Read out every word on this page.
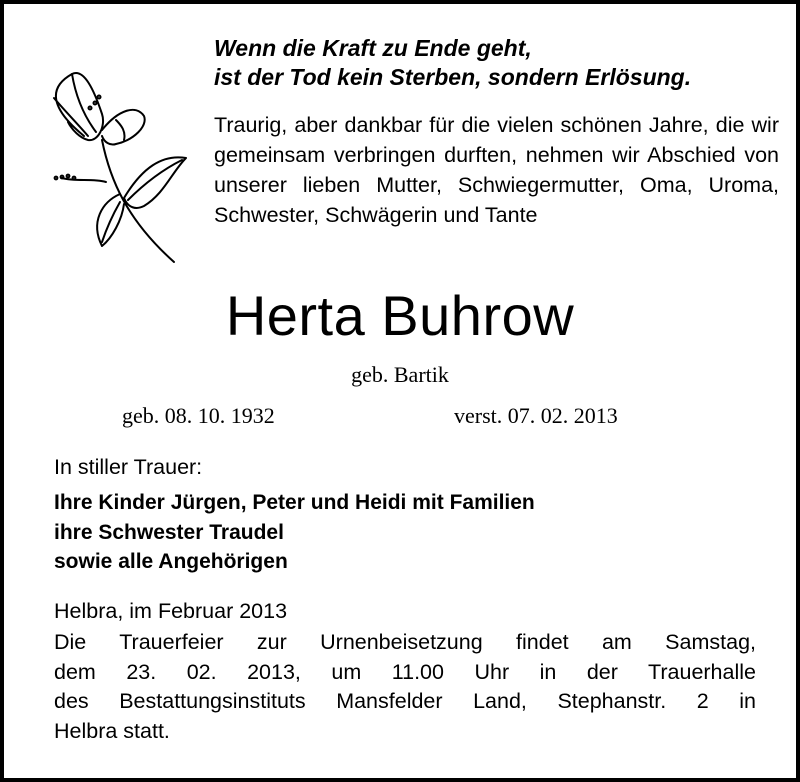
Wenn die Kraft zu Ende geht,
ist der Tod kein Sterben, sondern Erlösung.
Traurig, aber dankbar für die vielen schönen Jahre, die wir gemeinsam verbringen durften, nehmen wir Abschied von unserer lieben Mutter, Schwiegermutter, Oma, Uroma, Schwester, Schwägerin und Tante
Herta Buhrow
geb. Bartik
geb. 08. 10. 1932	verst. 07. 02. 2013
In stiller Trauer:
Ihre Kinder Jürgen, Peter und Heidi mit Familien
ihre Schwester Traudel
sowie alle Angehörigen
Helbra, im Februar 2013
Die Trauerfeier zur Urnenbeisetzung findet am Samstag,
dem 23. 02. 2013, um 11.00 Uhr in der Trauerhalle
des Bestattungsinstituts Mansfelder Land, Stephanstr. 2 in
Helbra statt.
